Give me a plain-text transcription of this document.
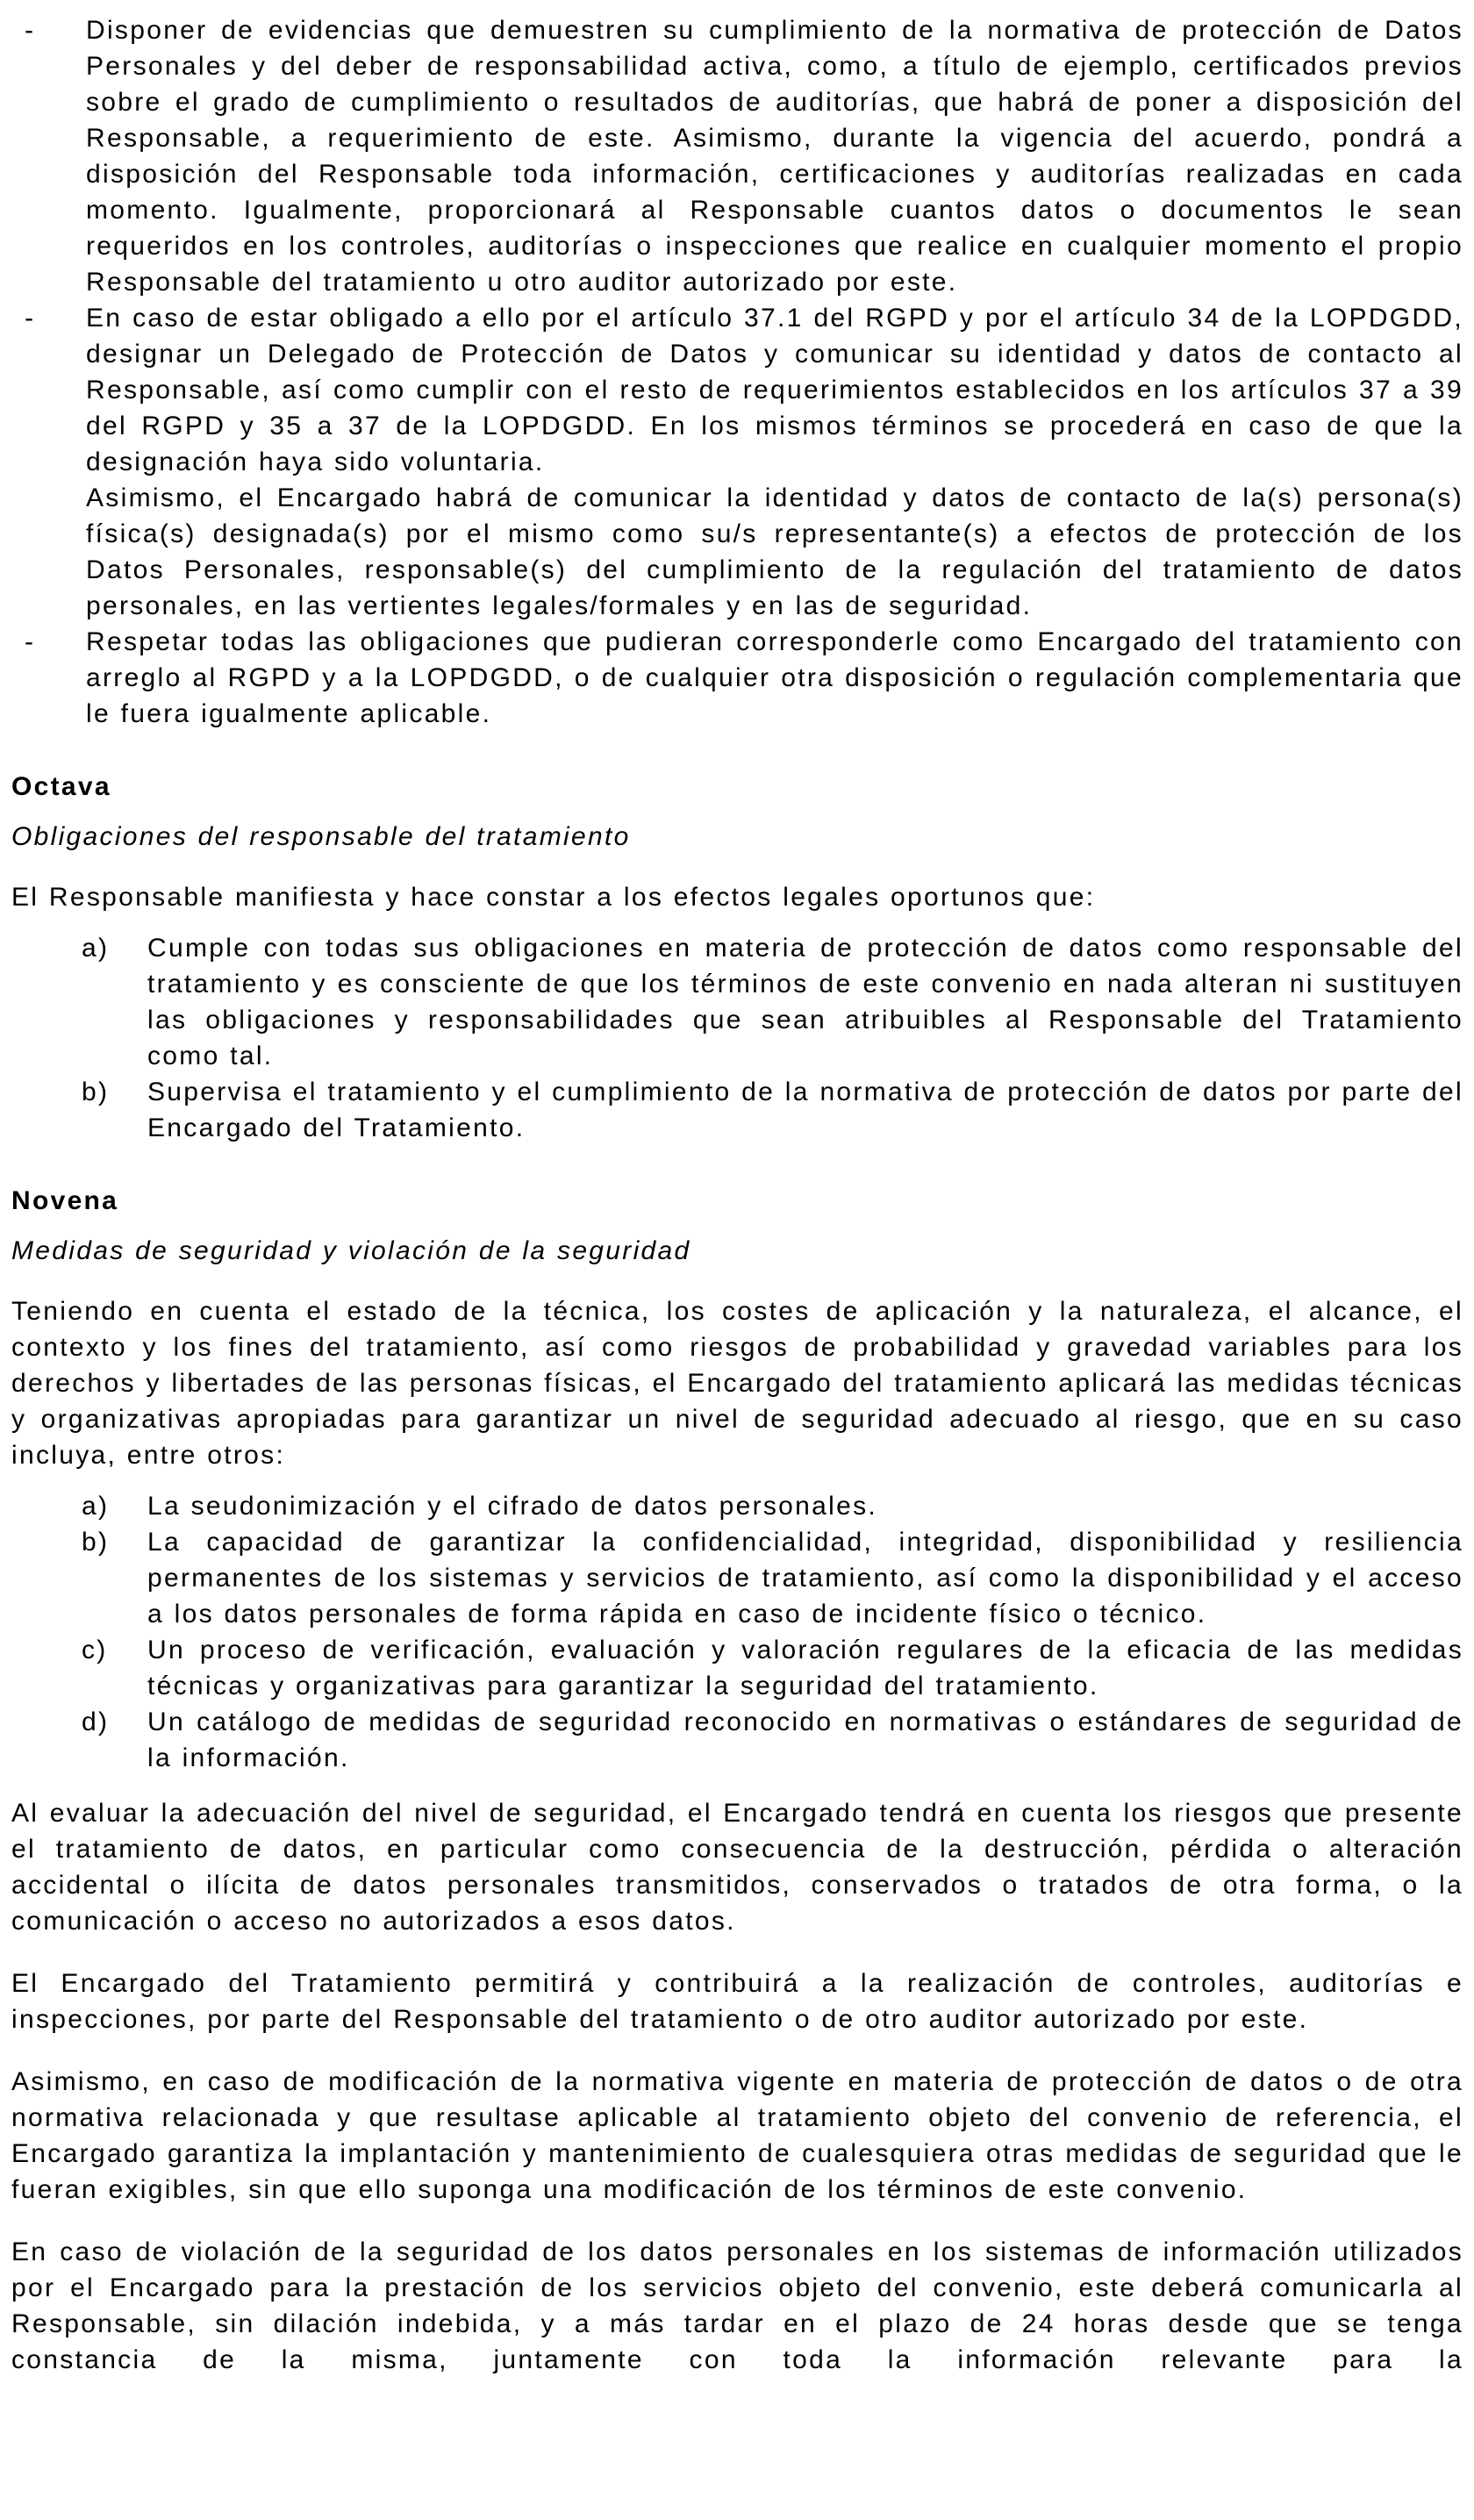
- Disponer de evidencias que demuestren su cumplimiento de la normativa de protección de Datos Personales y del deber de responsabilidad activa, como, a título de ejemplo, certificados previos sobre el grado de cumplimiento o resultados de auditorías, que habrá de poner a disposición del Responsable, a requerimiento de este. Asimismo, durante la vigencia del acuerdo, pondrá a disposición del Responsable toda información, certificaciones y auditorías realizadas en cada momento. Igualmente, proporcionará al Responsable cuantos datos o documentos le sean requeridos en los controles, auditorías o inspecciones que realice en cualquier momento el propio Responsable del tratamiento u otro auditor autorizado por este.

- En caso de estar obligado a ello por el artículo 37.1 del RGPD y por el artículo 34 de la LOPDGDD, designar un Delegado de Protección de Datos y comunicar su identidad y datos de contacto al Responsable, así como cumplir con el resto de requerimientos establecidos en los artículos 37 a 39 del RGPD y 35 a 37 de la LOPDGDD. En los mismos términos se procederá en caso de que la designación haya sido voluntaria.

Asimismo, el Encargado habrá de comunicar la identidad y datos de contacto de la(s) persona(s) física(s) designada(s) por el mismo como su/s representante(s) a efectos de protección de los Datos Personales, responsable(s) del cumplimiento de la regulación del tratamiento de datos personales, en las vertientes legales/formales y en las de seguridad.

- Respetar todas las obligaciones que pudieran corresponderle como Encargado del tratamiento con arreglo al RGPD y a la LOPDGDD, o de cualquier otra disposición o regulación complementaria que le fuera igualmente aplicable.

Octava

Obligaciones del responsable del tratamiento

El Responsable manifiesta y hace constar a los efectos legales oportunos que:

a) Cumple con todas sus obligaciones en materia de protección de datos como responsable del tratamiento y es consciente de que los términos de este convenio en nada alteran ni sustituyen las obligaciones y responsabilidades que sean atribuibles al Responsable del Tratamiento como tal.

b) Supervisa el tratamiento y el cumplimiento de la normativa de protección de datos por parte del Encargado del Tratamiento.

Novena

Medidas de seguridad y violación de la seguridad

Teniendo en cuenta el estado de la técnica, los costes de aplicación y la naturaleza, el alcance, el contexto y los fines del tratamiento, así como riesgos de probabilidad y gravedad variables para los derechos y libertades de las personas físicas, el Encargado del tratamiento aplicará las medidas técnicas y organizativas apropiadas para garantizar un nivel de seguridad adecuado al riesgo, que en su caso incluya, entre otros:

a) La seudonimización y el cifrado de datos personales.

b) La capacidad de garantizar la confidencialidad, integridad, disponibilidad y resiliencia permanentes de los sistemas y servicios de tratamiento, así como la disponibilidad y el acceso a los datos personales de forma rápida en caso de incidente físico o técnico.

c) Un proceso de verificación, evaluación y valoración regulares de la eficacia de las medidas técnicas y organizativas para garantizar la seguridad del tratamiento.

d) Un catálogo de medidas de seguridad reconocido en normativas o estándares de seguridad de la información.

Al evaluar la adecuación del nivel de seguridad, el Encargado tendrá en cuenta los riesgos que presente el tratamiento de datos, en particular como consecuencia de la destrucción, pérdida o alteración accidental o ilícita de datos personales transmitidos, conservados o tratados de otra forma, o la comunicación o acceso no autorizados a esos datos.

El Encargado del Tratamiento permitirá y contribuirá a la realización de controles, auditorías e inspecciones, por parte del Responsable del tratamiento o de otro auditor autorizado por este.

Asimismo, en caso de modificación de la normativa vigente en materia de protección de datos o de otra normativa relacionada y que resultase aplicable al tratamiento objeto del convenio de referencia, el Encargado garantiza la implantación y mantenimiento de cualesquiera otras medidas de seguridad que le fueran exigibles, sin que ello suponga una modificación de los términos de este convenio.

En caso de violación de la seguridad de los datos personales en los sistemas de información utilizados por el Encargado para la prestación de los servicios objeto del convenio, este deberá comunicarla al Responsable, sin dilación indebida, y a más tardar en el plazo de 24 horas desde que se tenga constancia de la misma, juntamente con toda la información relevante para la
